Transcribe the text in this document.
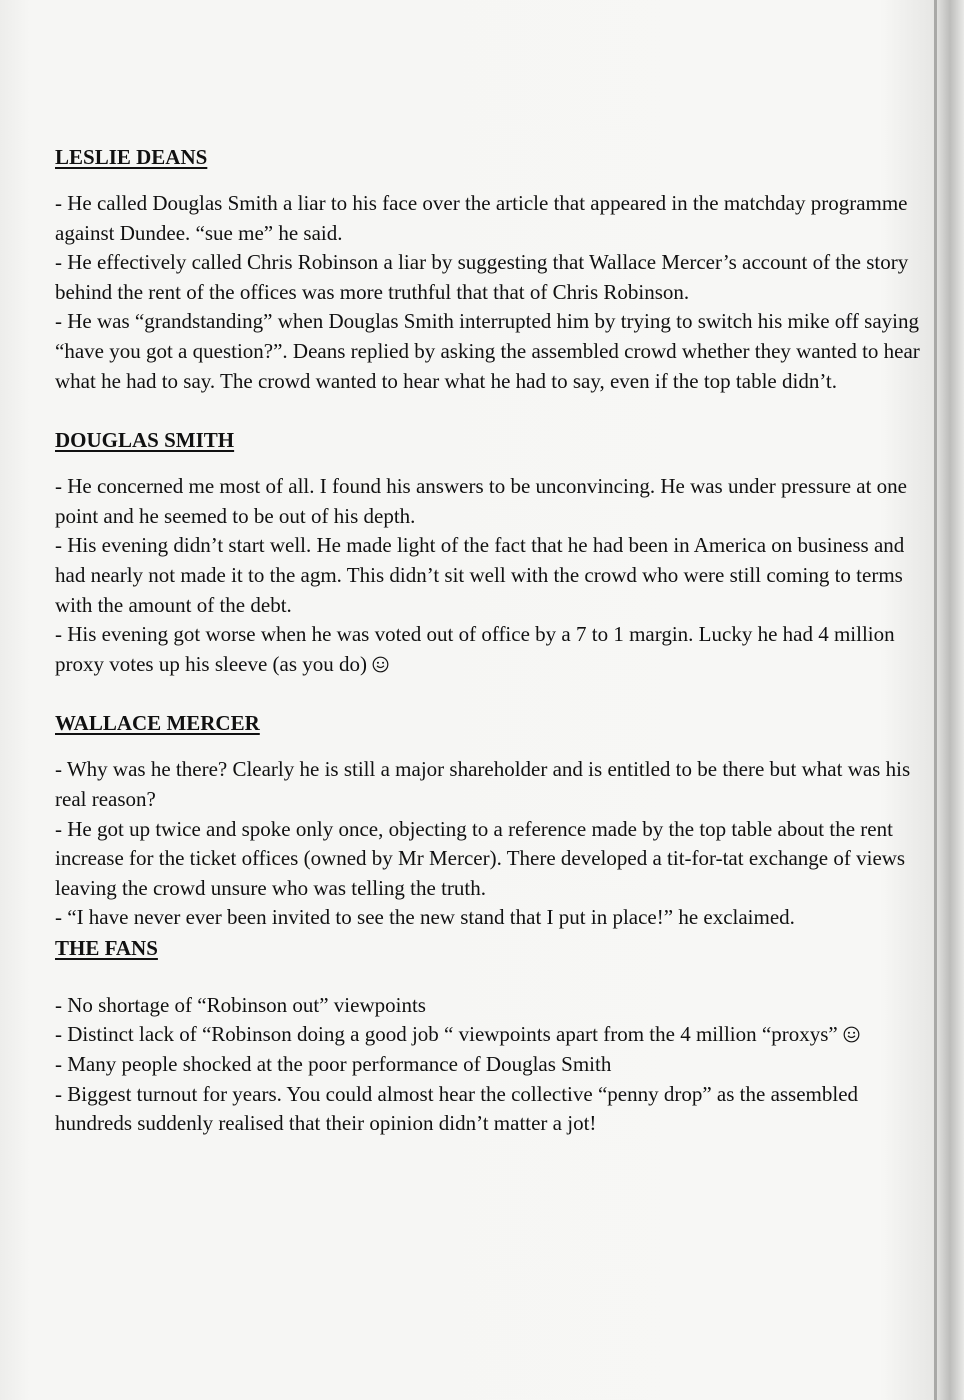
LESLIE DEANS

- He called Douglas Smith a liar to his face over the article that appeared in the matchday programme against Dundee. “sue me” he said.

- He effectively called Chris Robinson a liar by suggesting that Wallace Mercer’s account of the story behind the rent of the offices was more truthful that that of Chris Robinson.

- He was “grandstanding” when Douglas Smith interrupted him by trying to switch his mike off saying “have you got a question?”. Deans replied by asking the assembled crowd whether they wanted to hear what he had to say. The crowd wanted to hear what he had to say, even if the top table didn’t.

DOUGLAS SMITH

- He concerned me most of all. I found his answers to be unconvincing. He was under pressure at one point and he seemed to be out of his depth.

- His evening didn’t start well. He made light of the fact that he had been in America on business and had nearly not made it to the agm. This didn’t sit well with the crowd who were still coming to terms with the amount of the debt.

- His evening got worse when he was voted out of office by a 7 to 1 margin. Lucky he had 4 million proxy votes up his sleeve (as you do)

WALLACE MERCER

- Why was he there? Clearly he is still a major shareholder and is entitled to be there but what was his real reason?

- He got up twice and spoke only once, objecting to a reference made by the top table about the rent increase for the ticket offices (owned by Mr Mercer). There developed a tit-for-tat exchange of views leaving the crowd unsure who was telling the truth.

- “I have never ever been invited to see the new stand that I put in place!” he exclaimed.

THE FANS

- No shortage of “Robinson out” viewpoints

- Distinct lack of “Robinson doing a good job “ viewpoints apart from the 4 million “proxys”

- Many people shocked at the poor performance of Douglas Smith

- Biggest turnout for years. You could almost hear the collective “penny drop” as the assembled hundreds suddenly realised that their opinion didn’t matter a jot!
